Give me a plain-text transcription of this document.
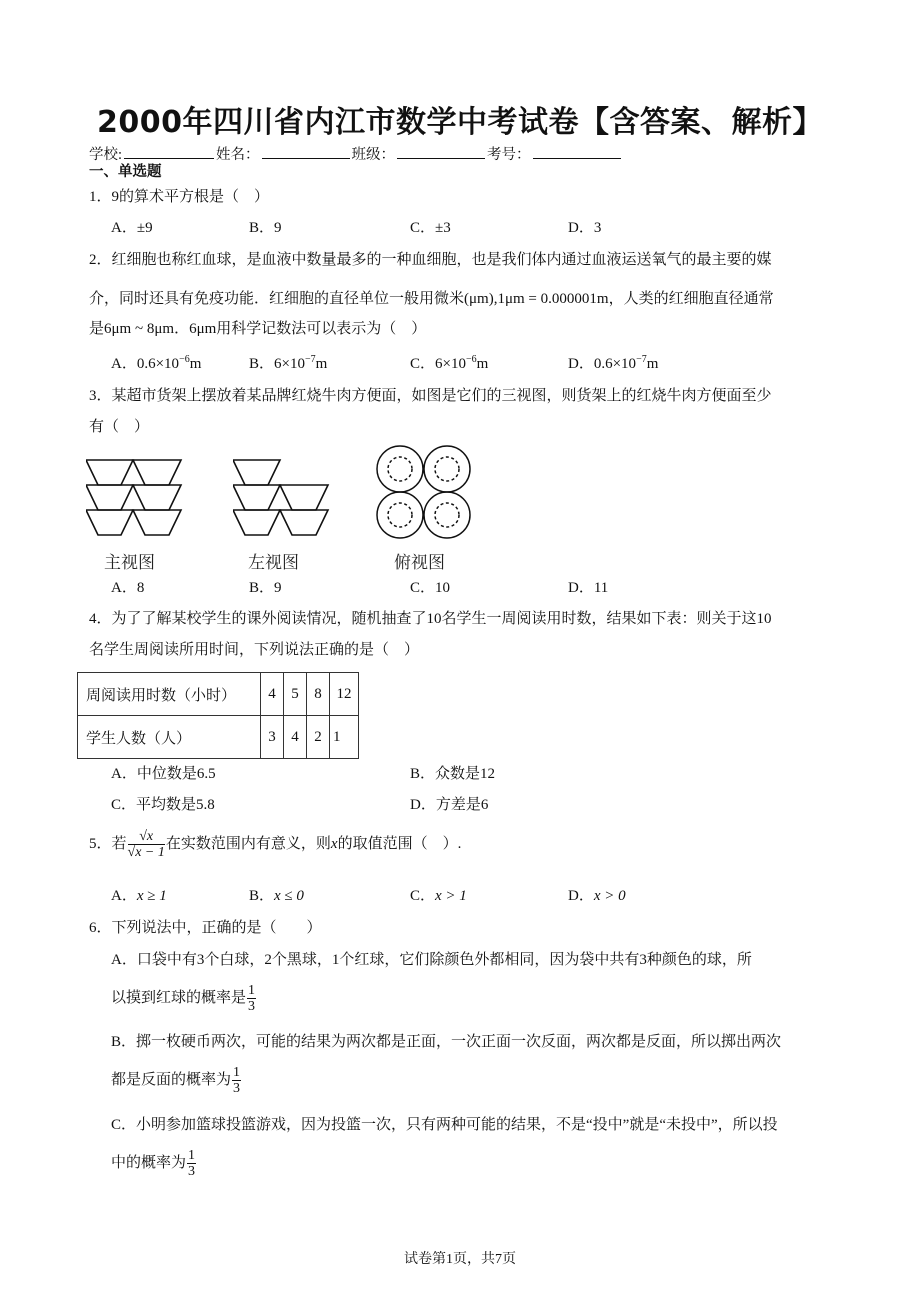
2000年四川省内江市数学中考试卷【含答案、解析】
学校:	姓名：	班级：	考号：
一、单选题
1．9的算术平方根是（　）
A．±9	B．9	C．±3	D．3
2．红细胞也称红血球，是血液中数量最多的一种血细胞，也是我们体内通过血液运送氧气的最主要的媒
介，同时还具有免疫功能．红细胞的直径单位一般用微米(μm),1μm = 0.000001m，人类的红细胞直径通常
是6μm ~ 8μm．6μm用科学记数法可以表示为（　）
A．$0.6\times 10^{-6}m$	B．$6\times 10^{-7}m$	C．$6\times 10^{-6}m$	D．$0.6\times 10^{-7}m$
3．某超市货架上摆放着某品牌红烧牛肉方便面，如图是它们的三视图，则货架上的红烧牛肉方便面至少
有（　）
主视图	左视图	俯视图
A．8	B．9	C．10	D．11
4．为了了解某校学生的课外阅读情况，随机抽查了10名学生一周阅读用时数，结果如下表：则关于这10
名学生周阅读所用时间，下列说法正确的是（　）
周阅读用时数（小时）	4	5	8	12
学生人数（人）	3	4	2	1
A．中位数是6.5	B．众数是12
C．平均数是5.8	D．方差是6
5．若 $\frac{√x}{√x - 1}$ 在实数范围内有意义，则x的取值范围（　）.
A．x ≥ 1	B．x ≤ 0	C．x > 1	D．x > 0
6．下列说法中，正确的是（　　）
A．口袋中有3个白球，2个黑球，1个红球，它们除颜色外都相同，因为袋中共有3种颜色的球，所
以摸到红球的概率是 $\frac{1}{3}$
B．掷一枚硬币两次，可能的结果为两次都是正面，一次正面一次反面，两次都是反面，所以掷出两次
都是反面的概率为 $\frac{1}{3}$
C．小明参加篮球投篮游戏，因为投篮一次，只有两种可能的结果，不是“投中”就是“未投中”，所以投
中的概率为 $\frac{1}{3}$
试卷第1页，共7页
